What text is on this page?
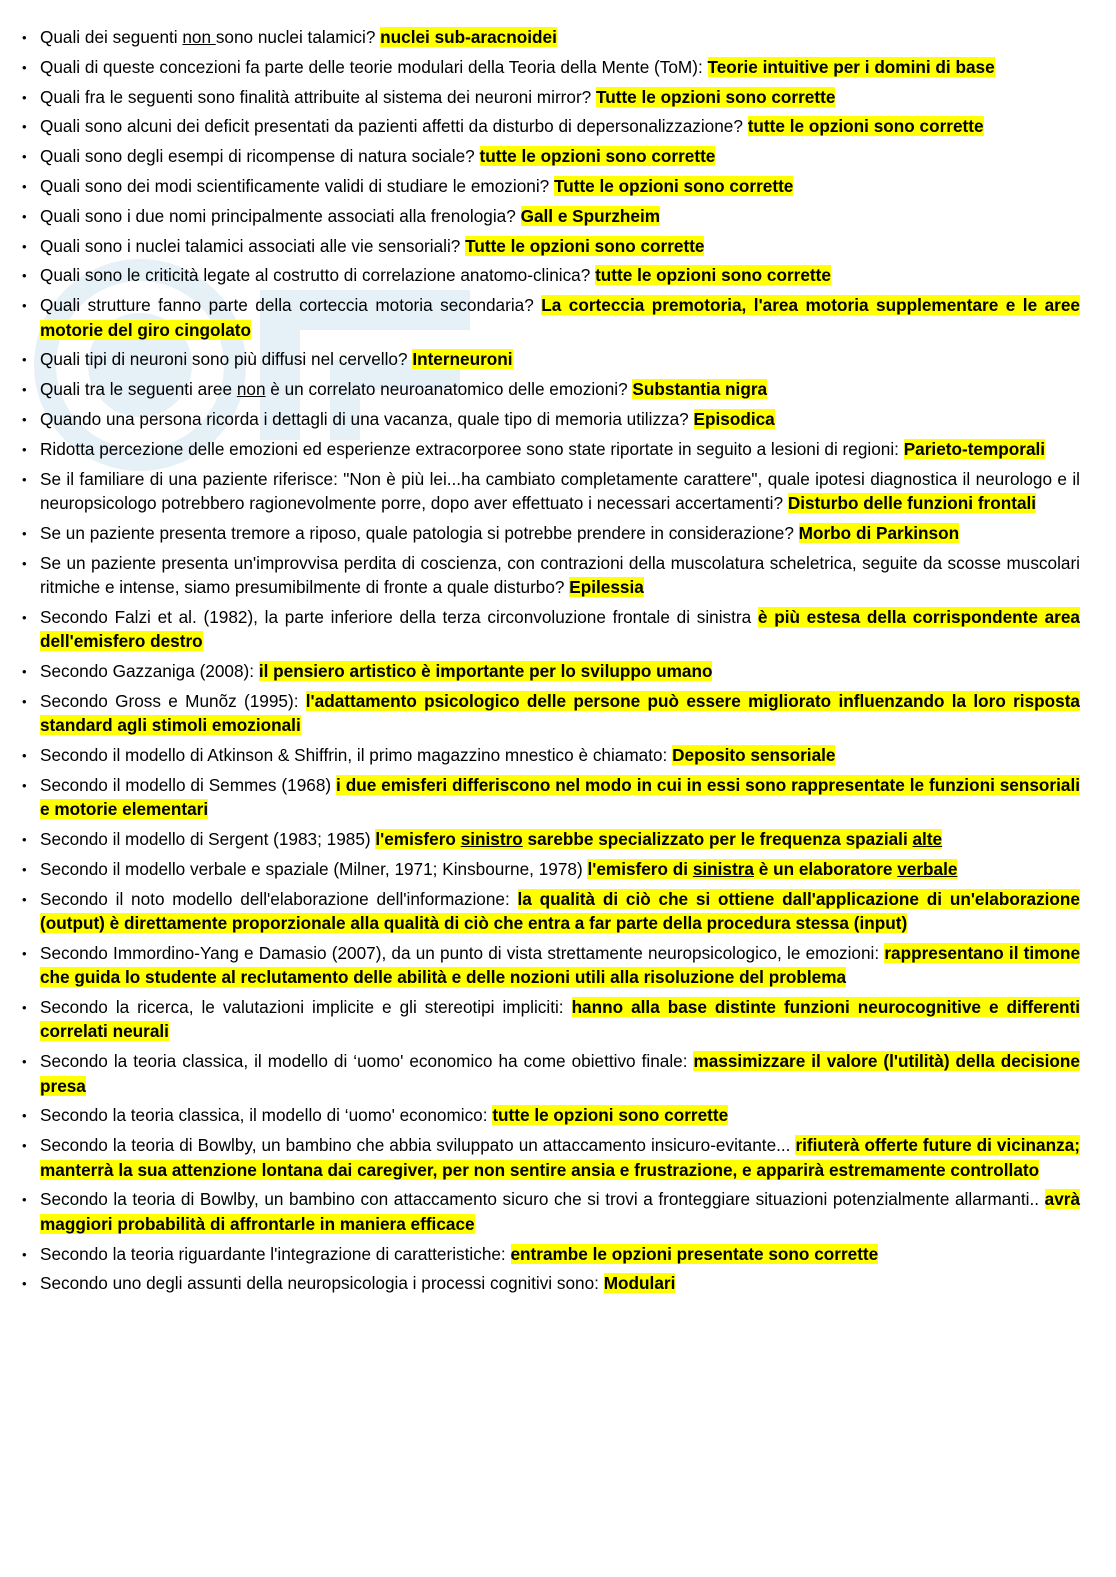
• Quali dei seguenti non sono nuclei talamici? nuclei sub-aracnoidei
• Quali di queste concezioni fa parte delle teorie modulari della Teoria della Mente (ToM): Teorie intuitive per i domini di base
• Quali fra le seguenti sono finalità attribuite al sistema dei neuroni mirror? Tutte le opzioni sono corrette
• Quali sono alcuni dei deficit presentati da pazienti affetti da disturbo di depersonalizzazione? tutte le opzioni sono corrette
• Quali sono degli esempi di ricompense di natura sociale? tutte le opzioni sono corrette
• Quali sono dei modi scientificamente validi di studiare le emozioni? Tutte le opzioni sono corrette
• Quali sono i due nomi principalmente associati alla frenologia? Gall e Spurzheim
• Quali sono i nuclei talamici associati alle vie sensoriali? Tutte le opzioni sono corrette
• Quali sono le criticità legate al costrutto di correlazione anatomo-clinica? tutte le opzioni sono corrette
• Quali strutture fanno parte della corteccia motoria secondaria? La corteccia premotoria, l'area motoria supplementare e le aree motorie del giro cingolato
• Quali tipi di neuroni sono più diffusi nel cervello? Interneuroni
• Quali tra le seguenti aree non è un correlato neuroanatomico delle emozioni? Substantia nigra
• Quando una persona ricorda i dettagli di una vacanza, quale tipo di memoria utilizza? Episodica
• Ridotta percezione delle emozioni ed esperienze extracorporee sono state riportate in seguito a lesioni di regioni: Parieto-temporali
• Se il familiare di una paziente riferisce: "Non è più lei...ha cambiato completamente carattere", quale ipotesi diagnostica il neurologo e il neuropsicologo potrebbero ragionevolmente porre, dopo aver effettuato i necessari accertamenti? Disturbo delle funzioni frontali
• Se un paziente presenta tremore a riposo, quale patologia si potrebbe prendere in considerazione? Morbo di Parkinson
• Se un paziente presenta un'improvvisa perdita di coscienza, con contrazioni della muscolatura scheletrica, seguite da scosse muscolari ritmiche e intense, siamo presumibilmente di fronte a quale disturbo? Epilessia
• Secondo Falzi et al. (1982), la parte inferiore della terza circonvoluzione frontale di sinistra è più estesa della corrispondente area dell'emisfero destro
• Secondo Gazzaniga (2008): il pensiero artistico è importante per lo sviluppo umano
• Secondo Gross e Munõz (1995): l'adattamento psicologico delle persone può essere migliorato influenzando la loro risposta standard agli stimoli emozionali
• Secondo il modello di Atkinson & Shiffrin, il primo magazzino mnestico è chiamato: Deposito sensoriale
• Secondo il modello di Semmes (1968) i due emisferi differiscono nel modo in cui in essi sono rappresentate le funzioni sensoriali e motorie elementari
• Secondo il modello di Sergent (1983; 1985) l'emisfero sinistro sarebbe specializzato per le frequenza spaziali alte
• Secondo il modello verbale e spaziale (Milner, 1971; Kinsbourne, 1978) l'emisfero di sinistra è un elaboratore verbale
• Secondo il noto modello dell'elaborazione dell'informazione: la qualità di ciò che si ottiene dall'applicazione di un'elaborazione (output) è direttamente proporzionale alla qualità di ciò che entra a far parte della procedura stessa (input)
• Secondo Immordino-Yang e Damasio (2007), da un punto di vista strettamente neuropsicologico, le emozioni: rappresentano il timone che guida lo studente al reclutamento delle abilità e delle nozioni utili alla risoluzione del problema
• Secondo la ricerca, le valutazioni implicite e gli stereotipi impliciti: hanno alla base distinte funzioni neurocognitive e differenti correlati neurali
• Secondo la teoria classica, il modello di ‘uomo' economico ha come obiettivo finale: massimizzare il valore (l'utilità) della decisione presa
• Secondo la teoria classica, il modello di ‘uomo' economico: tutte le opzioni sono corrette
• Secondo la teoria di Bowlby, un bambino che abbia sviluppato un attaccamento insicuro-evitante... rifiuterà offerte future di vicinanza; manterrà la sua attenzione lontana dai caregiver, per non sentire ansia e frustrazione, e apparirà estremamente controllato
• Secondo la teoria di Bowlby, un bambino con attaccamento sicuro che si trovi a fronteggiare situazioni potenzialmente allarmanti.. avrà maggiori probabilità di affrontarle in maniera efficace
• Secondo la teoria riguardante l'integrazione di caratteristiche: entrambe le opzioni presentate sono corrette
• Secondo uno degli assunti della neuropsicologia i processi cognitivi sono: Modulari
